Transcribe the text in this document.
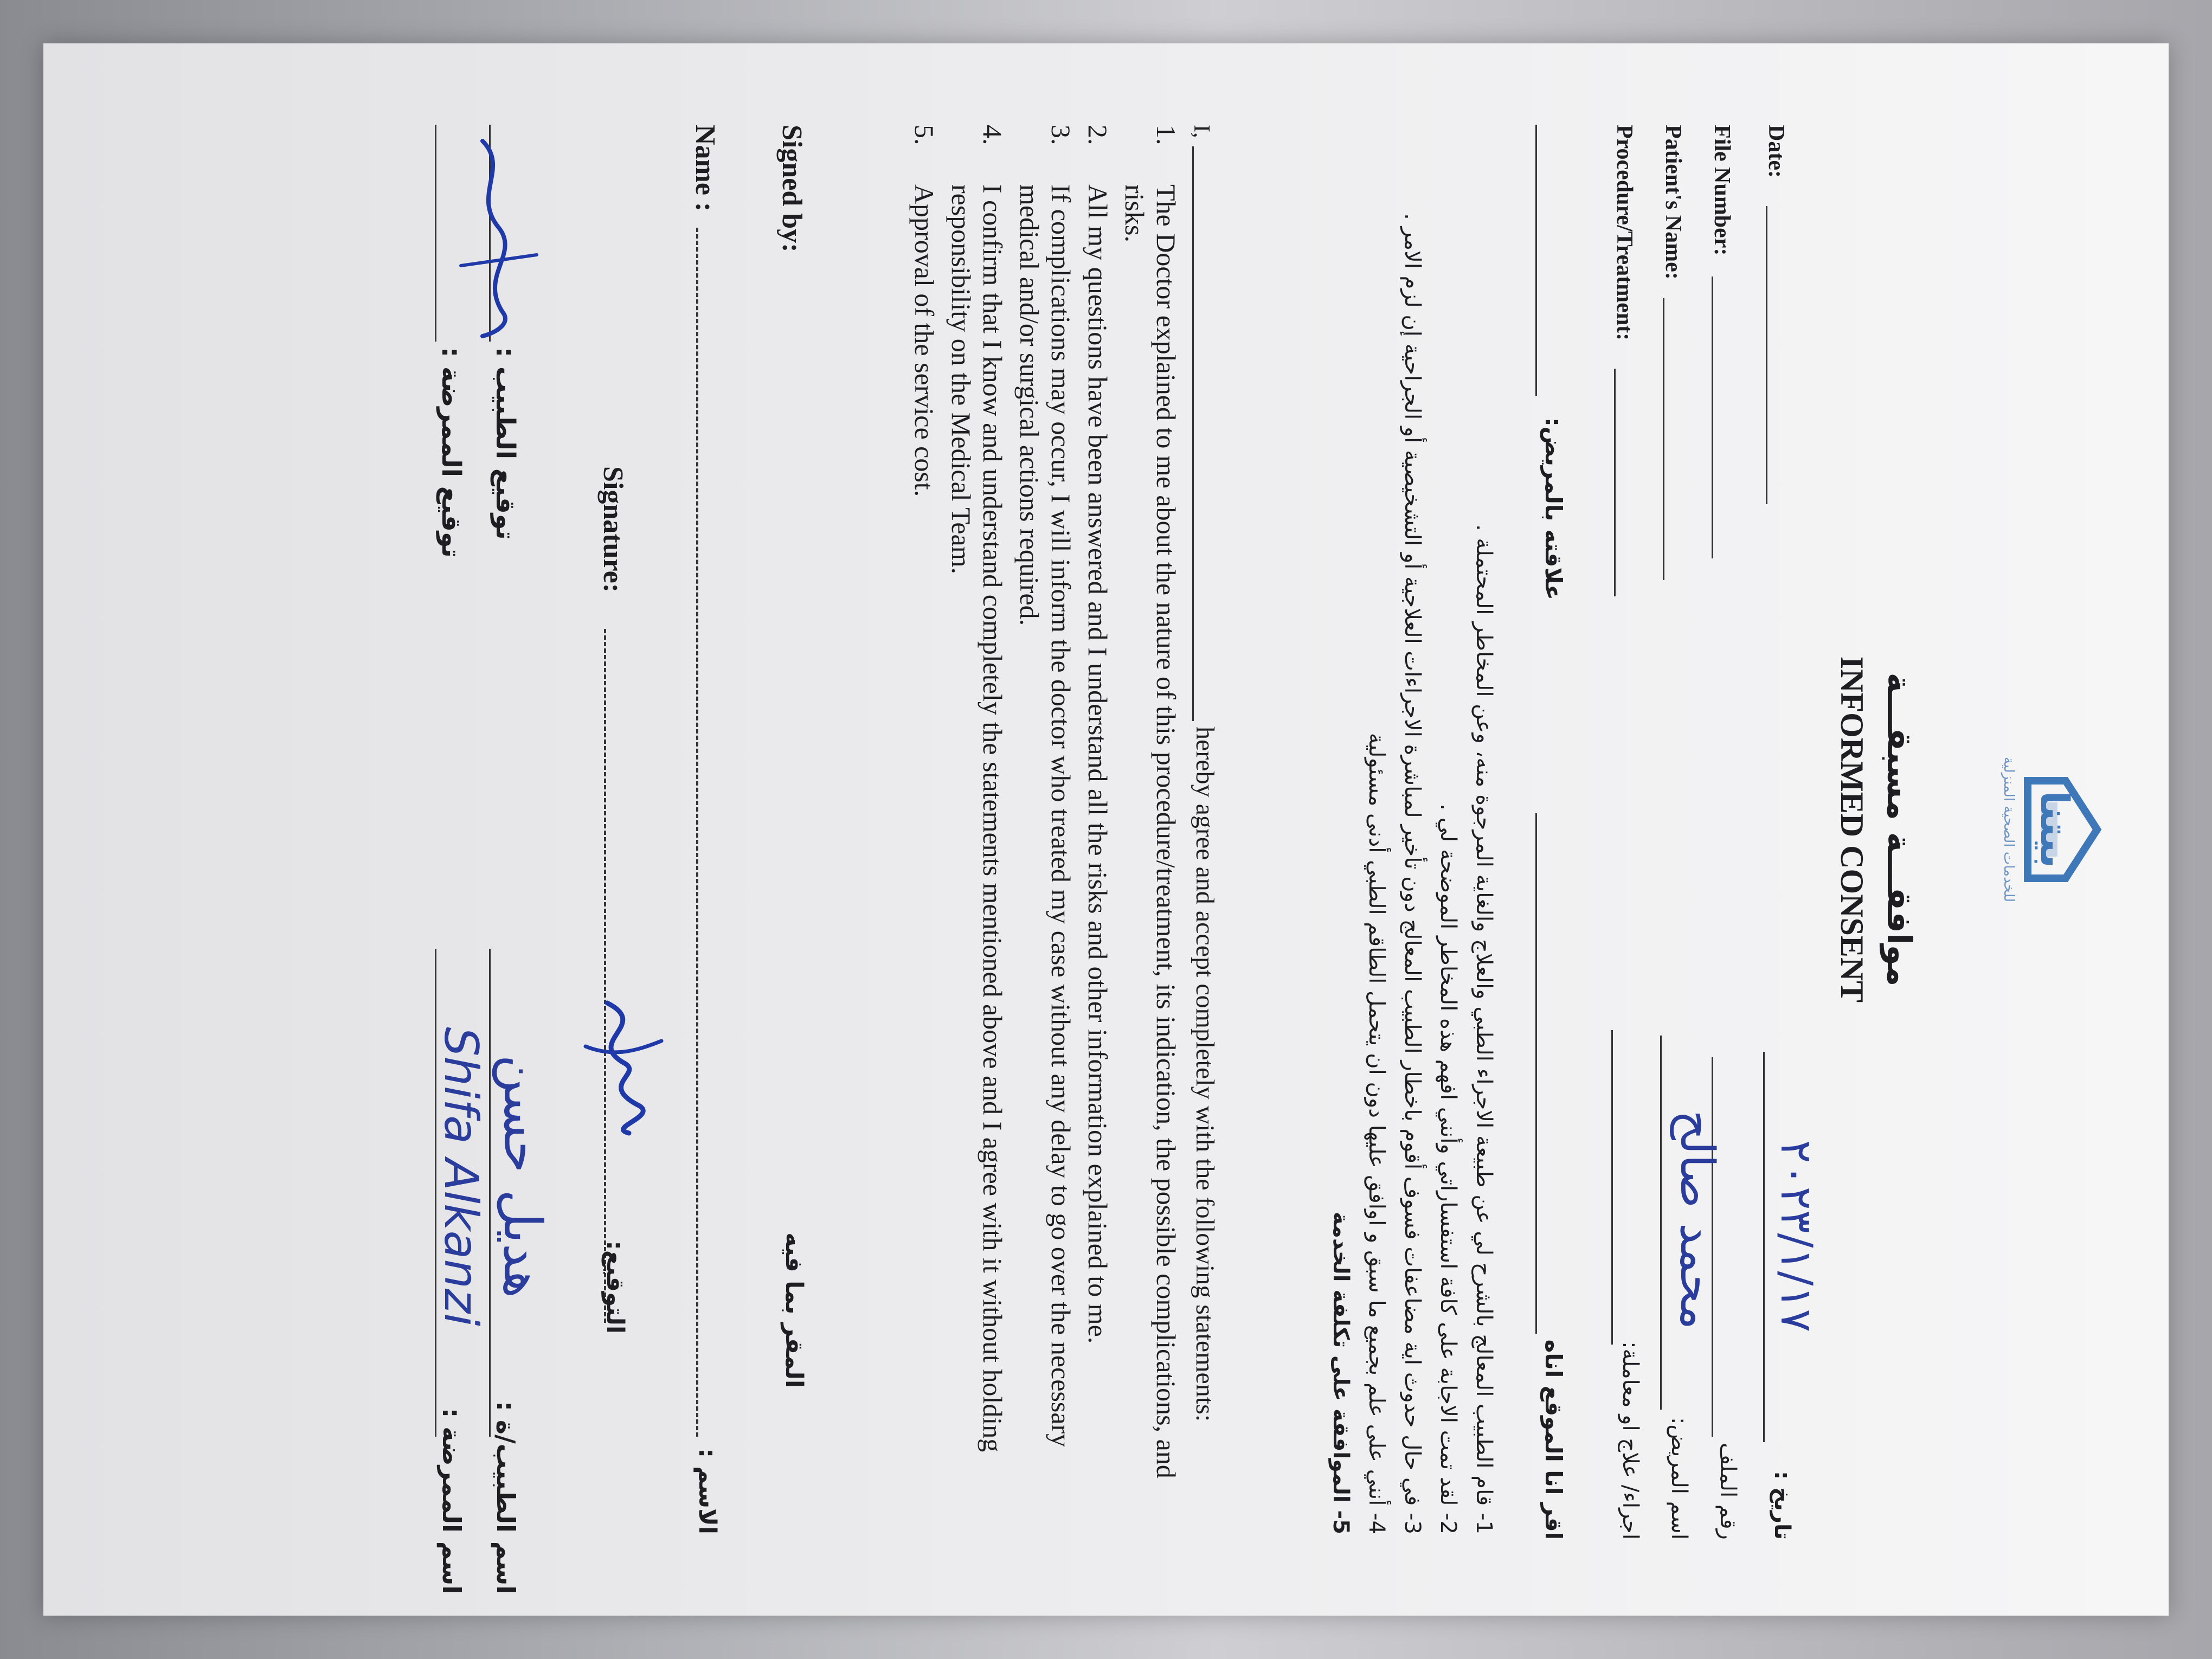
بيتنا
للخدمات الصحية المنزلية
موافقـــة مسبقـــة
INFORMED CONSENT
Date:
File Number:
Patient's Name:
Procedure/Treatment:
تاريخ :
٢٠٢٣/١/١٧
رقم الملف
اسم المريض:
محمد صالح
اجراء/ علاج او معاملة:
اقر انا الموقع اناه
علاقته بالمريض:
1- قام الطبيب المعالج بالشرح لي عن طبيعة الاجراء الطبي والعلاج والغاية المرجوة منه، وعن المخاطر المحتملة .
2- لقد تمت الاجابة على كافة استفساراتي وأنني افهم هذه المخاطر الموضحة لي .
3- في حال حدوث اية مضاعفات فسوف أقوم باخطار الطبيب المعالج دون تأخير لمباشرة الاجراءات العلاجية أو التشخيصية أو الجراحية إن لزم الامر .
4- أنني على علم بجميع ما سبق و اوافق عليها دون ان يتحمل الطاقم الطبي أدنى مسئولية
5- الموافقة على تكلفة الخدمة
I,
hereby agree and accept completely with the following statements:
1.
The Doctor explained to me about the nature of this procedure/treatment, its indication, the possible complications, and risks.
2.
All my questions have been answered and I understand all the risks and other information explained to me.
3.
If complications may occur, I will inform the doctor who treated my case without any delay to go over the necessary medical and/or surgical actions required.
4.
I confirm that I know and understand completely the statements mentioned above and I agree with it without holding responsibility on the Medical Team.
5.
Approval of the service cost.
Signed by:
المقر بما فيه
Name :
الاسم :
Signature:
التوقيع:
توقيع الطبيب :
اسم الطبيب/ة :
هديل حسن
توقيع الممرضة :
اسم الممرضة :
Shifa Alkanzi
